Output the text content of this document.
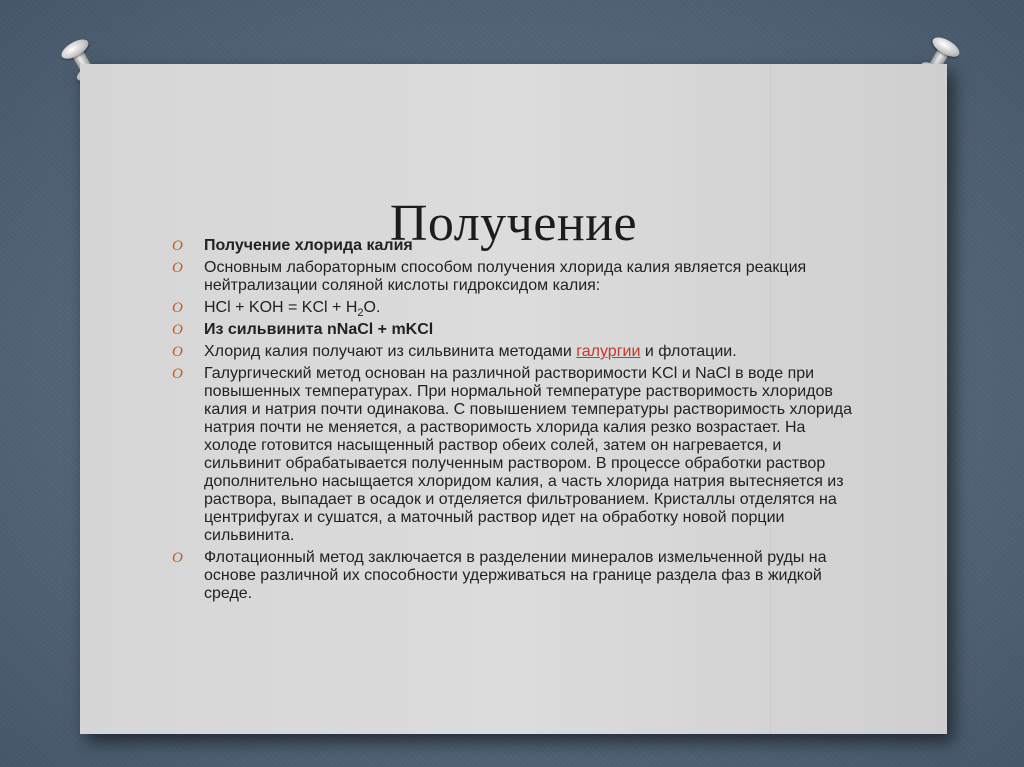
Получение
O Получение хлорида калия
O Основным лабораторным способом получения хлорида калия является реакция нейтрализации соляной кислоты гидроксидом калия:
O HCl + KOH = KCl + $H_2O$.
O Из сильвинита nNaCl + mKCl
O Хлорид калия получают из сильвинита методами галургии и флотации.
O Галургический метод основан на различной растворимости KCl и NaCl в воде при повышенных температурах. При нормальной температуре растворимость хлоридов калия и натрия почти одинакова. С повышением температуры растворимость хлорида натрия почти не меняется, а растворимость хлорида калия резко возрастает. На холоде готовится насыщенный раствор обеих солей, затем он нагревается, и сильвинит обрабатывается полученным раствором. В процессе обработки раствор дополнительно насыщается хлоридом калия, а часть хлорида натрия вытесняется из раствора, выпадает в осадок и отделяется фильтрованием. Кристаллы отделятся на центрифугах и сушатся, а маточный раствор идет на обработку новой порции сильвинита.
O Флотационный метод заключается в разделении минералов измельченной руды на основе различной их способности удерживаться на границе раздела фаз в жидкой среде.
